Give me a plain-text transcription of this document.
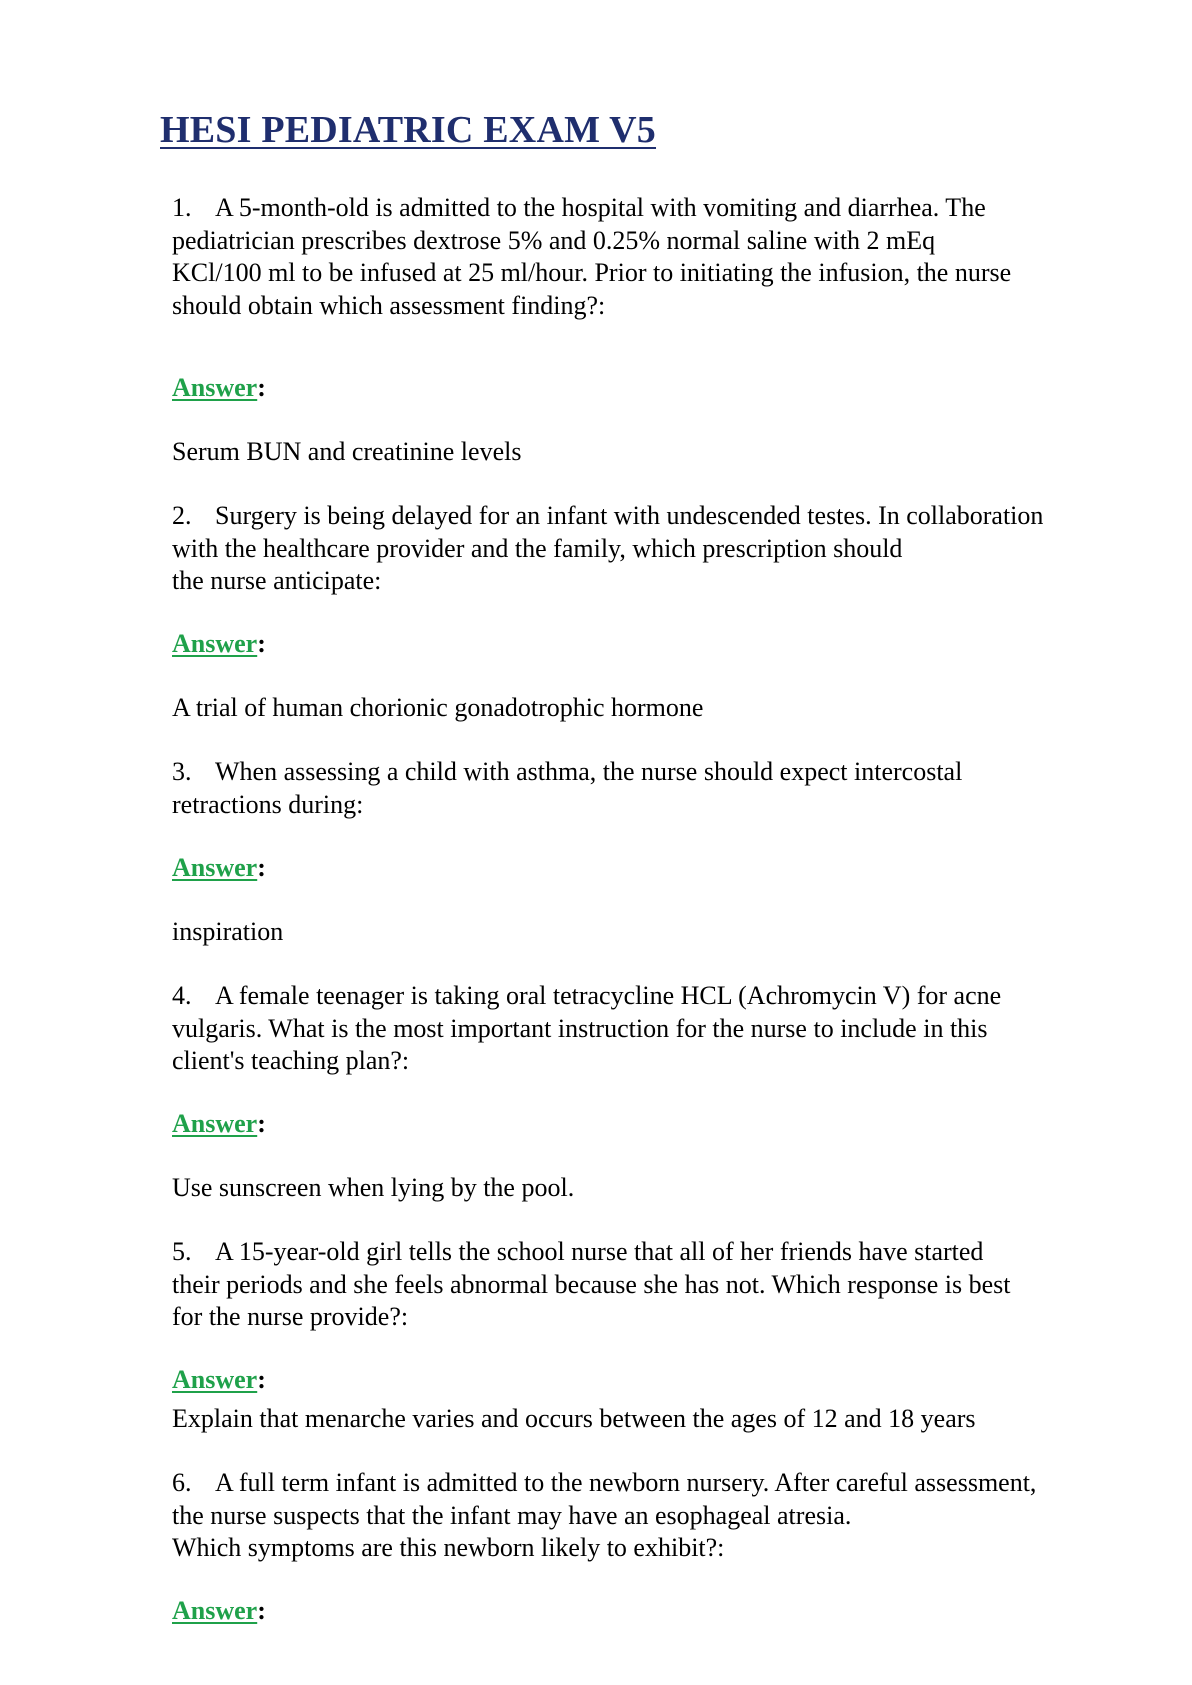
HESI PEDIATRIC EXAM V5
1. A 5-month-old is admitted to the hospital with vomiting and diarrhea. The
pediatrician prescribes dextrose 5% and 0.25% normal saline with 2 mEq
KCl/100 ml to be infused at 25 ml/hour. Prior to initiating the infusion, the nurse
should obtain which assessment finding?:
Answer:
Serum BUN and creatinine levels
2. Surgery is being delayed for an infant with undescended testes. In collaboration
with the healthcare provider and the family, which prescription should
the nurse anticipate:
Answer:
A trial of human chorionic gonadotrophic hormone
3. When assessing a child with asthma, the nurse should expect intercostal
retractions during:
Answer:
inspiration
4. A female teenager is taking oral tetracycline HCL (Achromycin V) for acne
vulgaris. What is the most important instruction for the nurse to include in this
client's teaching plan?:
Answer:
Use sunscreen when lying by the pool.
5. A 15-year-old girl tells the school nurse that all of her friends have started
their periods and she feels abnormal because she has not. Which response is best
for the nurse provide?:
Answer:
Explain that menarche varies and occurs between the ages of 12 and 18 years
6. A full term infant is admitted to the newborn nursery. After careful assessment,
the nurse suspects that the infant may have an esophageal atresia.
Which symptoms are this newborn likely to exhibit?:
Answer:
